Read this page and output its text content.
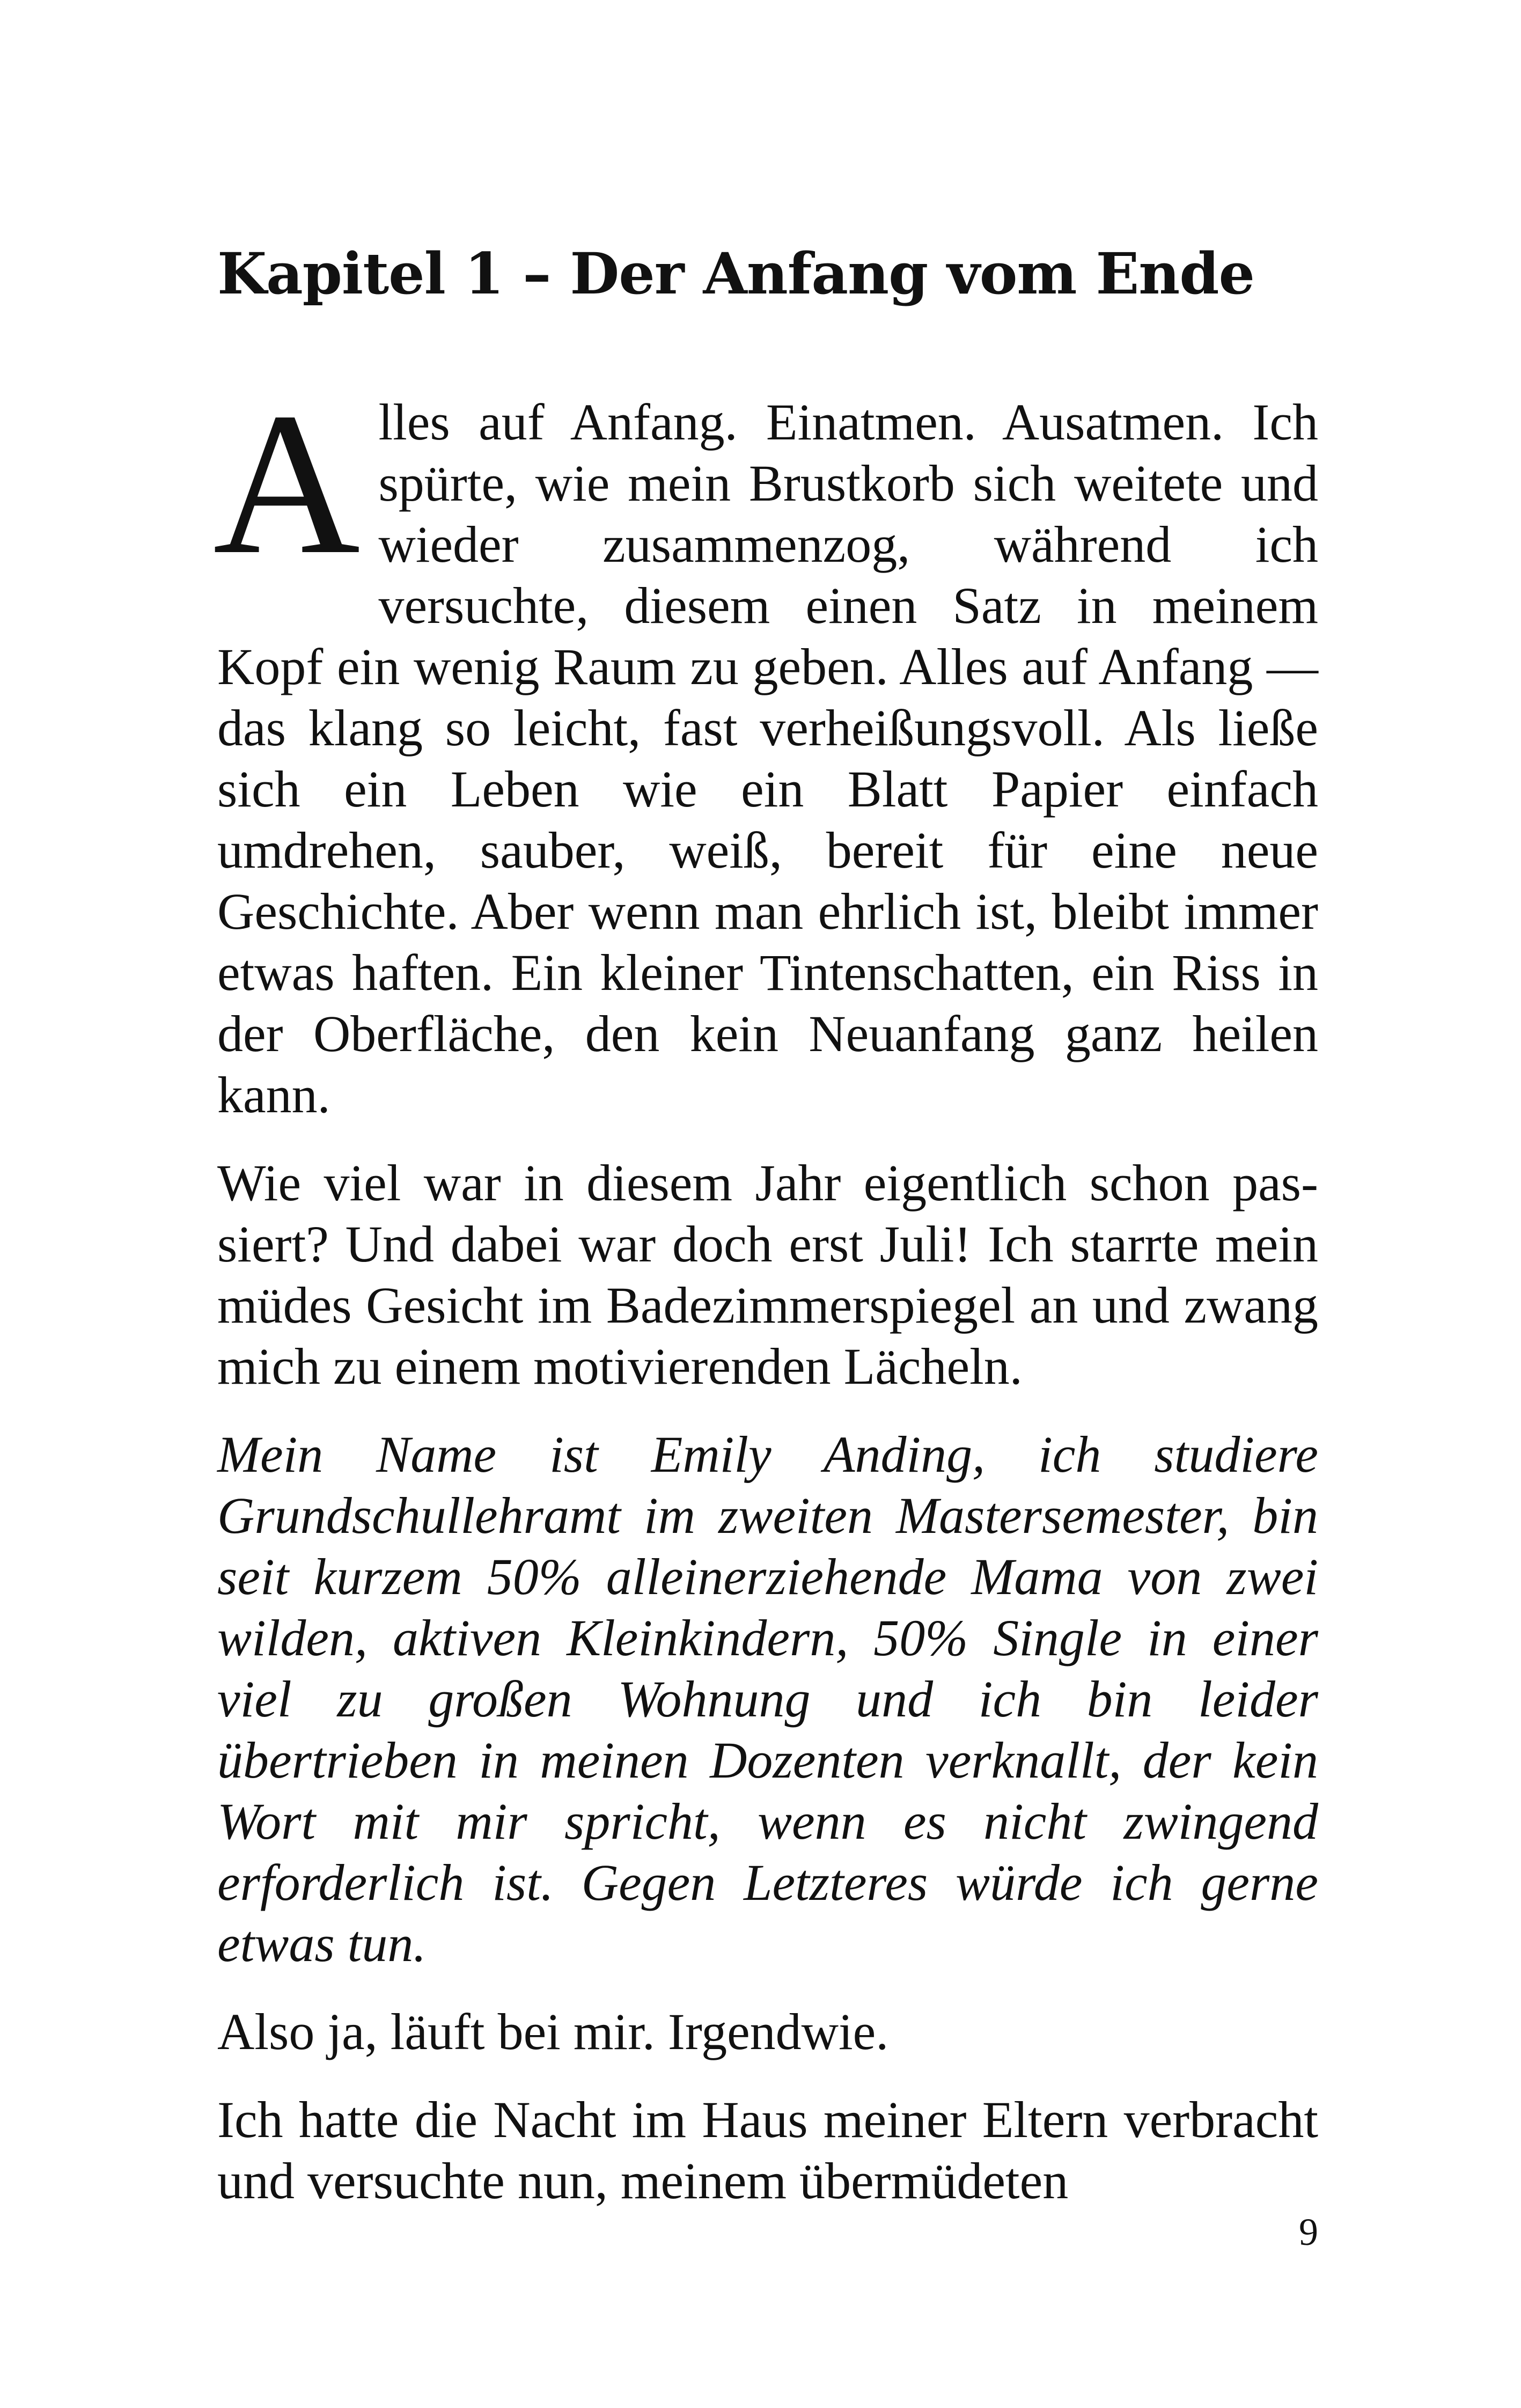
Kapitel 1 – Der Anfang vom Ende

Alles auf Anfang. Einatmen. Ausatmen. Ich spürte, wie mein Brustkorb sich weitete und wieder zusammenzog, während ich versuchte, diesem einen Satz in meinem Kopf ein wenig Raum zu geben. Alles auf Anfang — das klang so leicht, fast verheißungsvoll. Als ließe sich ein Leben wie ein Blatt Papier einfach umdrehen, sauber, weiß, bereit für eine neue Geschichte. Aber wenn man ehrlich ist, bleibt immer etwas haften. Ein kleiner Tintenschatten, ein Riss in der Oberfläche, den kein Neuanfang ganz heilen kann.

Wie viel war in diesem Jahr eigentlich schon passiert? Und dabei war doch erst Juli! Ich starrte mein müdes Gesicht im Badezimmerspiegel an und zwang mich zu einem motivierenden Lächeln.

Mein Name ist Emily Anding, ich studiere Grundschullehramt im zweiten Mastersemester, bin seit kurzem 50% alleinerziehende Mama von zwei wilden, aktiven Kleinkindern, 50% Single in einer viel zu großen Wohnung und ich bin leider übertrieben in meinen Dozenten verknallt, der kein Wort mit mir spricht, wenn es nicht zwingend erforderlich ist. Gegen Letzteres würde ich gerne etwas tun.

Also ja, läuft bei mir. Irgendwie.

Ich hatte die Nacht im Haus meiner Eltern verbracht und versuchte nun, meinem übermüdeten

9
